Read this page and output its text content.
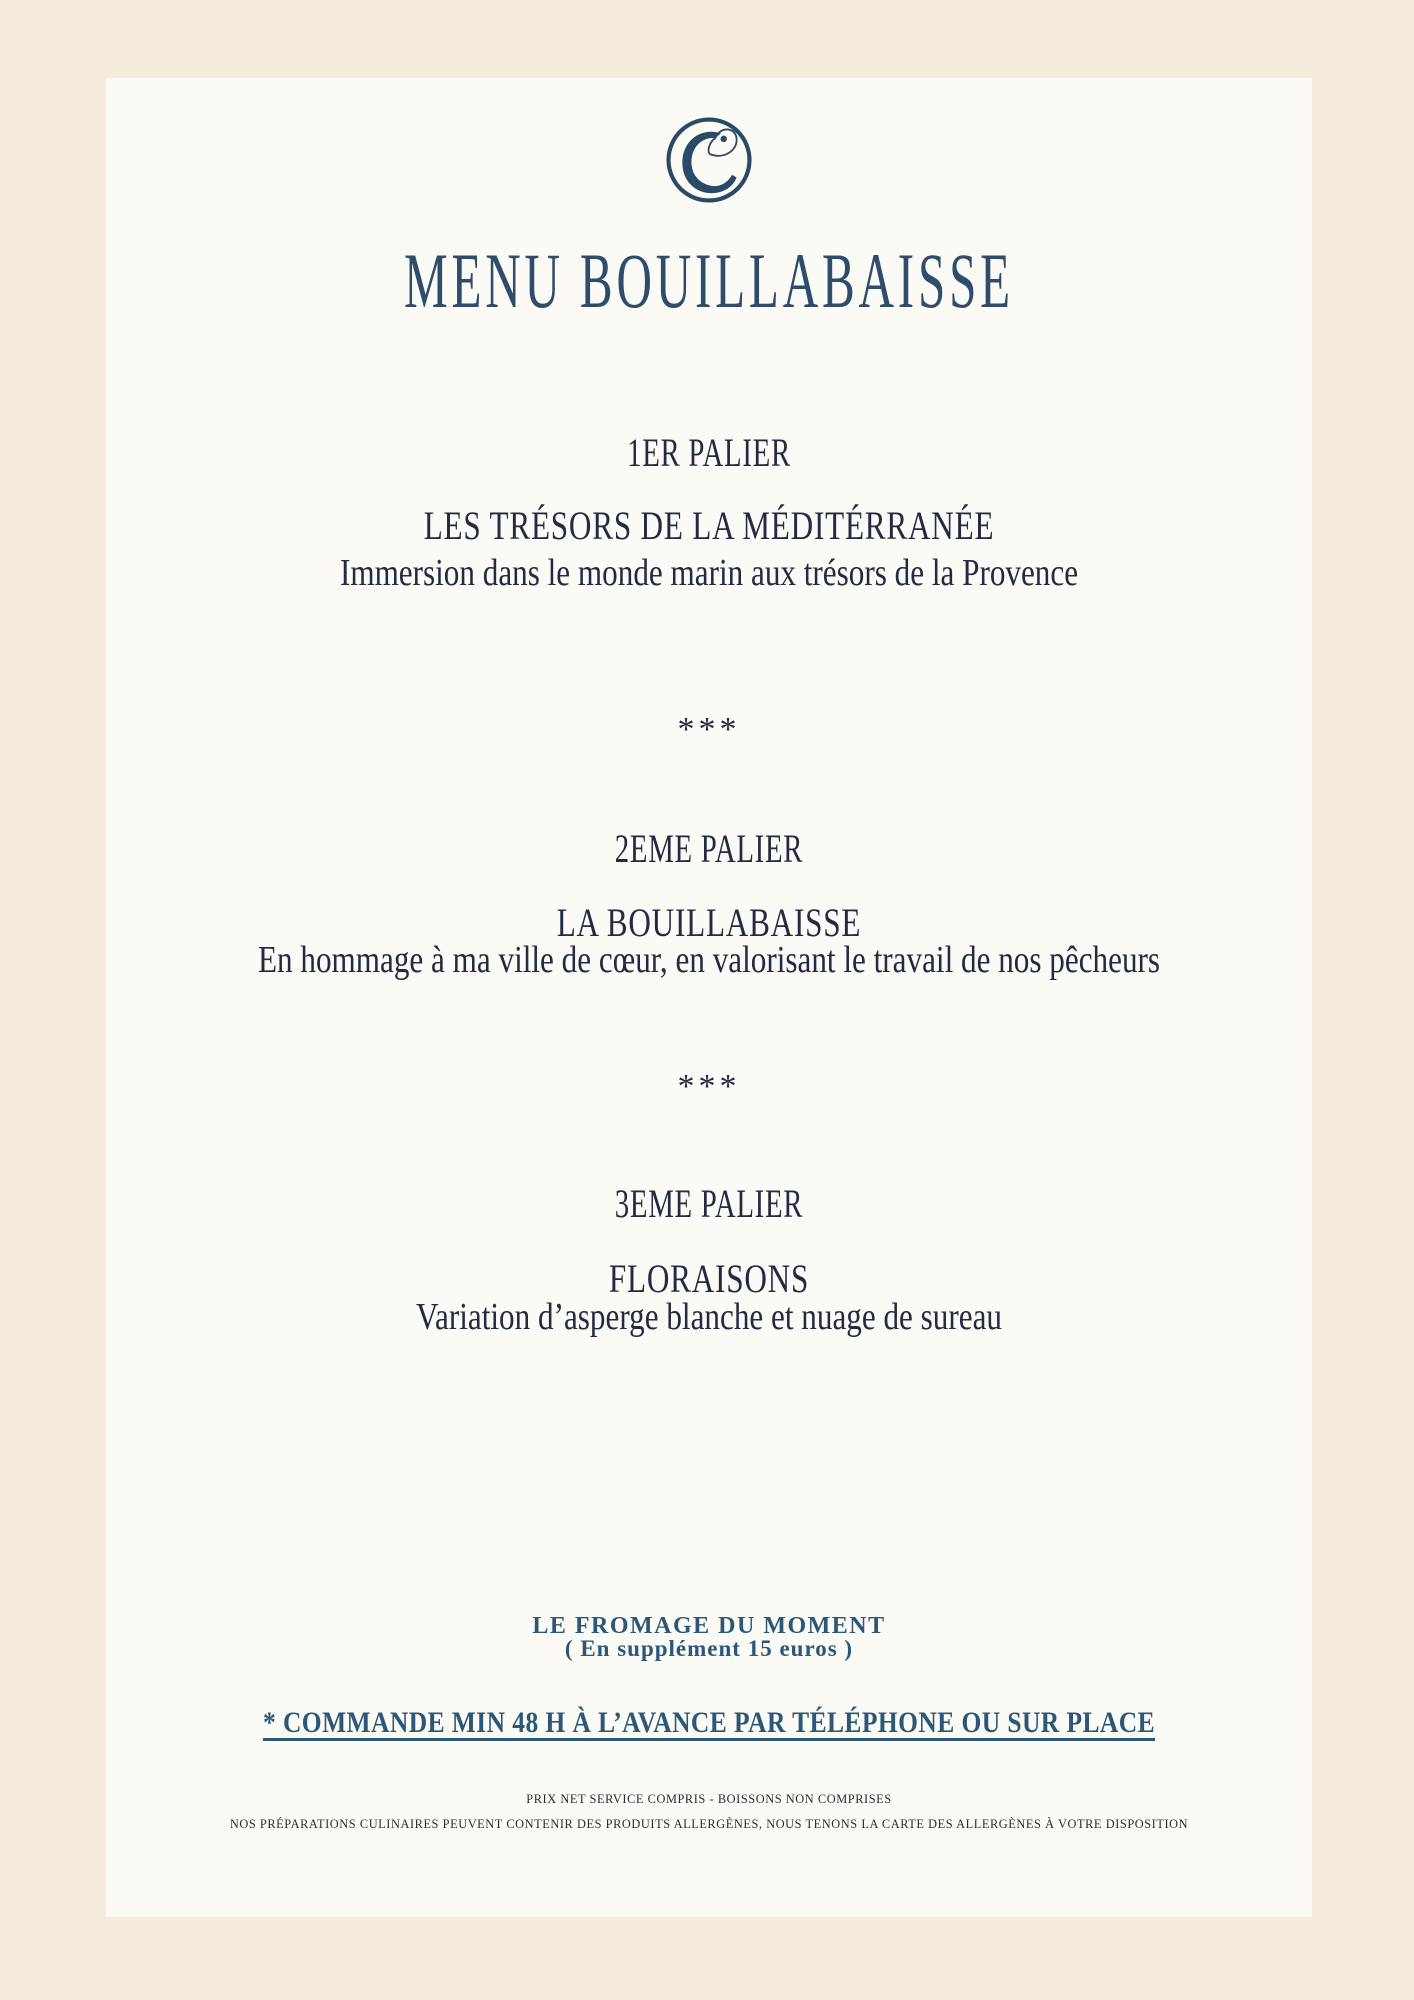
MENU BOUILLABAISSE
1ER PALIER
LES TRÉSORS DE LA MÉDITÉRRANÉE
Immersion dans le monde marin aux trésors de la Provence
***
2EME PALIER
LA BOUILLABAISSE
En hommage à ma ville de cœur, en valorisant le travail de nos pêcheurs
***
3EME PALIER
FLORAISONS
Variation d’asperge blanche et nuage de sureau
LE FROMAGE DU MOMENT
( En supplément 15 euros )
* COMMANDE MIN 48 H À L’AVANCE PAR TÉLÉPHONE OU SUR PLACE
PRIX NET SERVICE COMPRIS - BOISSONS NON COMPRISES
NOS PRÉPARATIONS CULINAIRES PEUVENT CONTENIR DES PRODUITS ALLERGÈNES, NOUS TENONS LA CARTE DES ALLERGÈNES À VOTRE DISPOSITION
